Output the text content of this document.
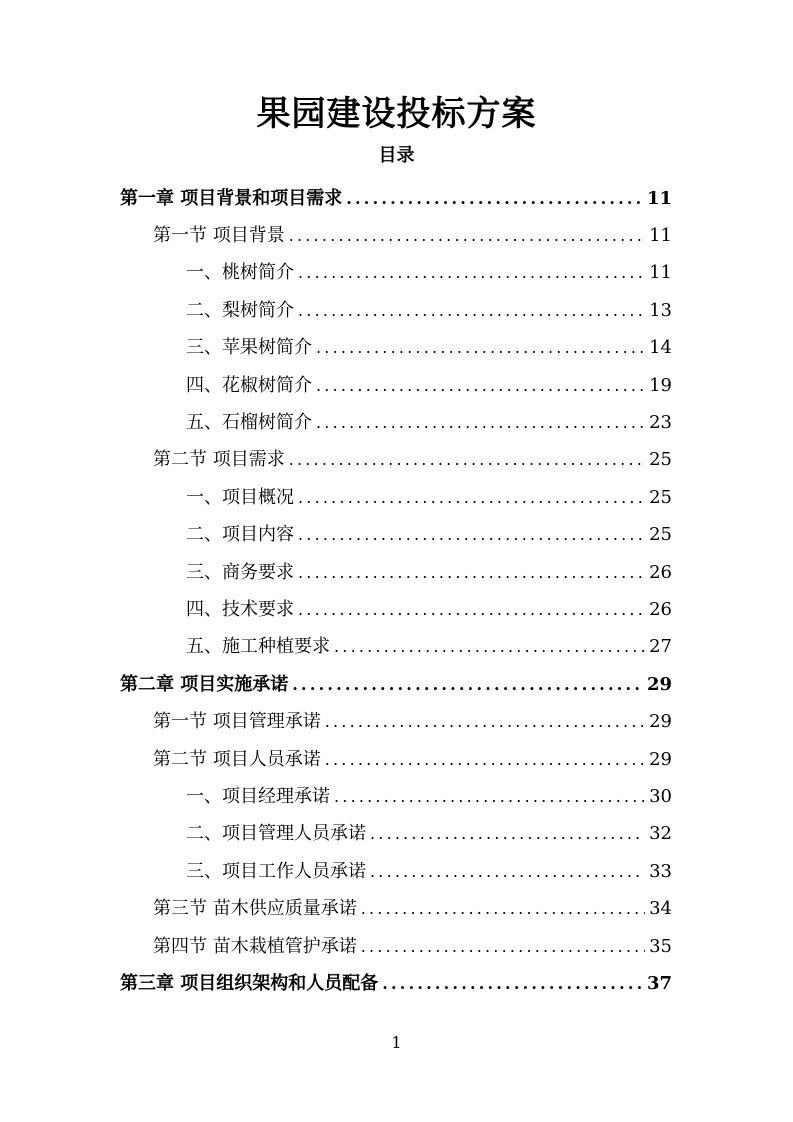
果园建设投标方案
目录
第一章 项目背景和项目需求 .....	11
第一节 项目背景 .....	11
一、桃树简介 .....	11
二、梨树简介 .....	13
三、苹果树简介 .....	14
四、花椒树简介 .....	19
五、石榴树简介 .....	23
第二节 项目需求 .....	25
一、项目概况 .....	25
二、项目内容 .....	25
三、商务要求 .....	26
四、技术要求 .....	26
五、施工种植要求 .....	27
第二章 项目实施承诺 .....	29
第一节 项目管理承诺 .....	29
第二节 项目人员承诺 .....	29
一、项目经理承诺 .....	30
二、项目管理人员承诺 .....	32
三、项目工作人员承诺 .....	33
第三节 苗木供应质量承诺 .....	34
第四节 苗木栽植管护承诺 .....	35
第三章 项目组织架构和人员配备 .....	37
1
